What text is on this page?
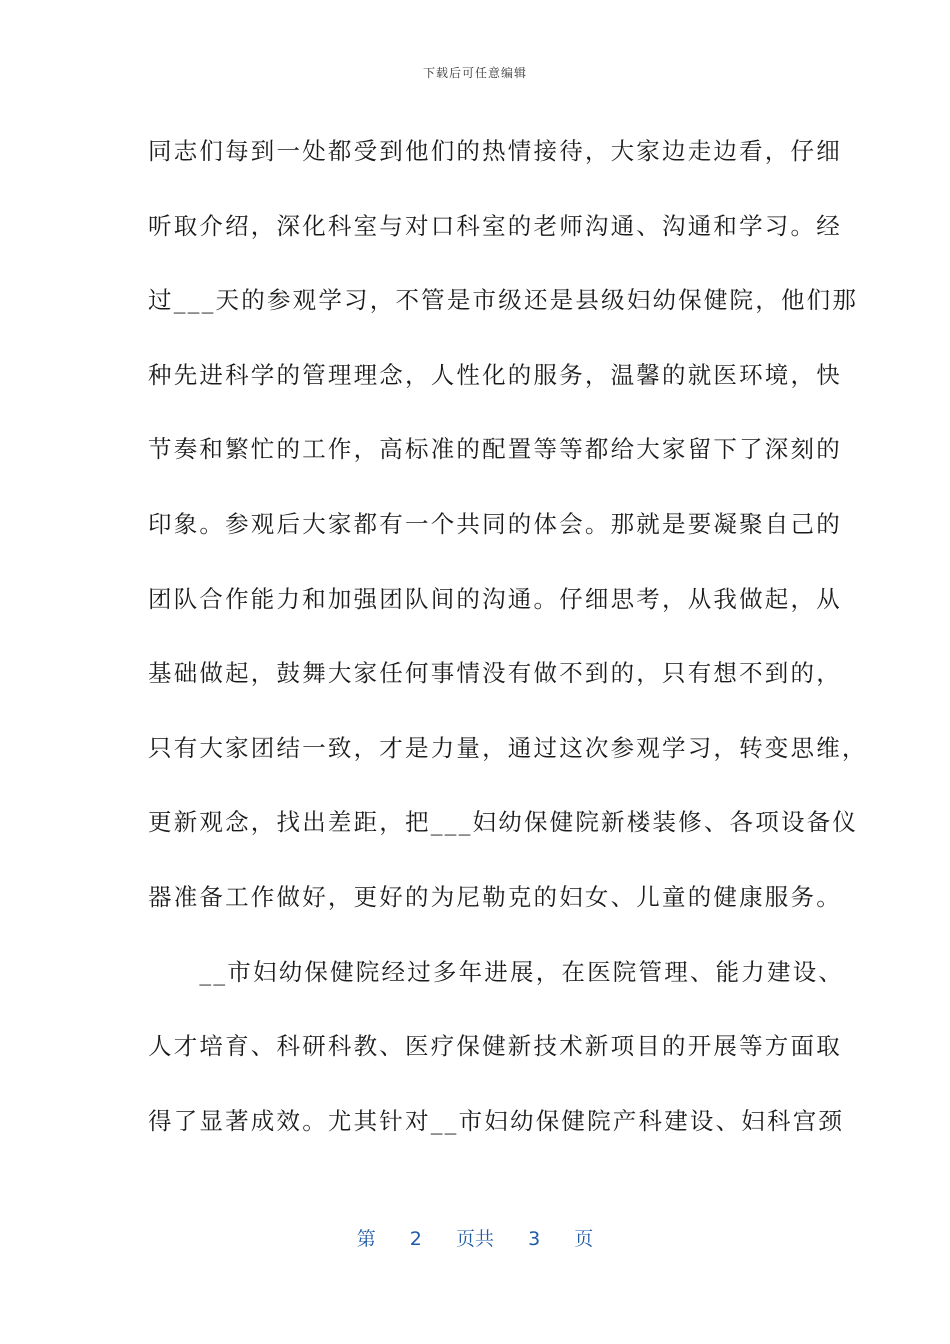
下载后可任意编辑
同志们每到一处都受到他们的热情接待，大家边走边看，仔细
听取介绍，深化科室与对口科室的老师沟通、沟通和学习。经
过___天的参观学习，不管是市级还是县级妇幼保健院，他们那
种先进科学的管理理念，人性化的服务，温馨的就医环境，快
节奏和繁忙的工作，高标准的配置等等都给大家留下了深刻的
印象。参观后大家都有一个共同的体会。那就是要凝聚自己的
团队合作能力和加强团队间的沟通。仔细思考，从我做起，从
基础做起，鼓舞大家任何事情没有做不到的，只有想不到的，
只有大家团结一致，才是力量，通过这次参观学习，转变思维，
更新观念，找出差距，把___妇幼保健院新楼装修、各项设备仪
器准备工作做好，更好的为尼勒克的妇女、儿童的健康服务。
　　__市妇幼保健院经过多年进展，在医院管理、能力建设、
人才培育、科研科教、医疗保健新技术新项目的开展等方面取
得了显著成效。尤其针对__市妇幼保健院产科建设、妇科宫颈
第 2 页共 3 页
